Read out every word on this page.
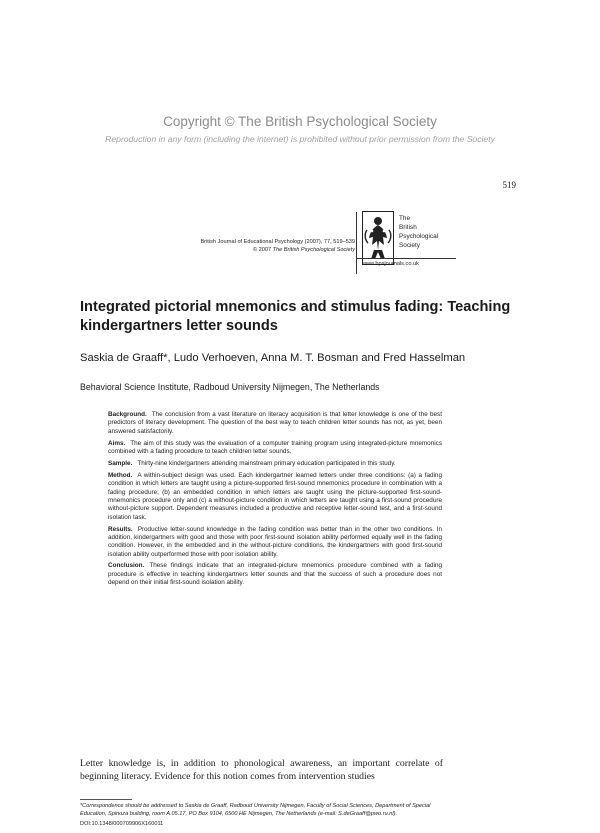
Copyright © The British Psychological Society
Reproduction in any form (including the internet) is prohibited without prior permission from the Society
519
British Journal of Educational Psychology (2007), 77, 519–539
© 2007 The British Psychological Society
The
British
Psychological
Society
www.bpsjournals.co.uk
Integrated pictorial mnemonics and stimulus fading: Teaching kindergartners letter sounds
Saskia de Graaff*, Ludo Verhoeven, Anna M. T. Bosman and Fred Hasselman
Behavioral Science Institute, Radboud University Nijmegen, The Netherlands

Background. The conclusion from a vast literature on literacy acquisition is that letter knowledge is one of the best predictors of literacy development. The question of the best way to teach children letter sounds has not, as yet, been answered satisfactorily.

Aims. The aim of this study was the evaluation of a computer training program using integrated-picture mnemonics combined with a fading procedure to teach children letter sounds.

Sample. Thirty-nine kindergartners attending mainstream primary education participated in this study.

Method. A within-subject design was used. Each kindergartner learned letters under three conditions: (a) a fading condition in which letters are taught using a picture-supported first-sound mnemonics procedure in combination with a fading procedure; (b) an embedded condition in which letters are taught using the picture-supported first-sound-mnemonics procedure only and (c) a without-picture condition in which letters are taught using a first-sound procedure without-picture support. Dependent measures included a productive and receptive letter-sound test, and a first-sound isolation task.

Results. Productive letter-sound knowledge in the fading condition was better than in the other two conditions. In addition, kindergartners with good and those with poor first-sound isolation ability performed equally well in the fading condition. However, in the embedded and in the without-picture conditions, the kindergartners with good first-sound isolation ability outperformed those with poor isolation ability.

Conclusion. These findings indicate that an integrated-picture mnemonics procedure combined with a fading procedure is effective in teaching kindergartners letter sounds and that the success of such a procedure does not depend on their initial first-sound isolation ability.

Letter knowledge is, in addition to phonological awareness, an important correlate of beginning literacy. Evidence for this notion comes from intervention studies
*Correspondence should be addressed to Saskia de Graaff, Radboud University Nijmegen, Faculty of Social Sciences, Department of Special Education, Spinoza building, room A.05.17, PO Box 9104, 6500 HE Nijmegen, The Netherlands (e-mail: S.deGraaff@pwo.ru.nl).
DOI:10.1348/000709906X160011
